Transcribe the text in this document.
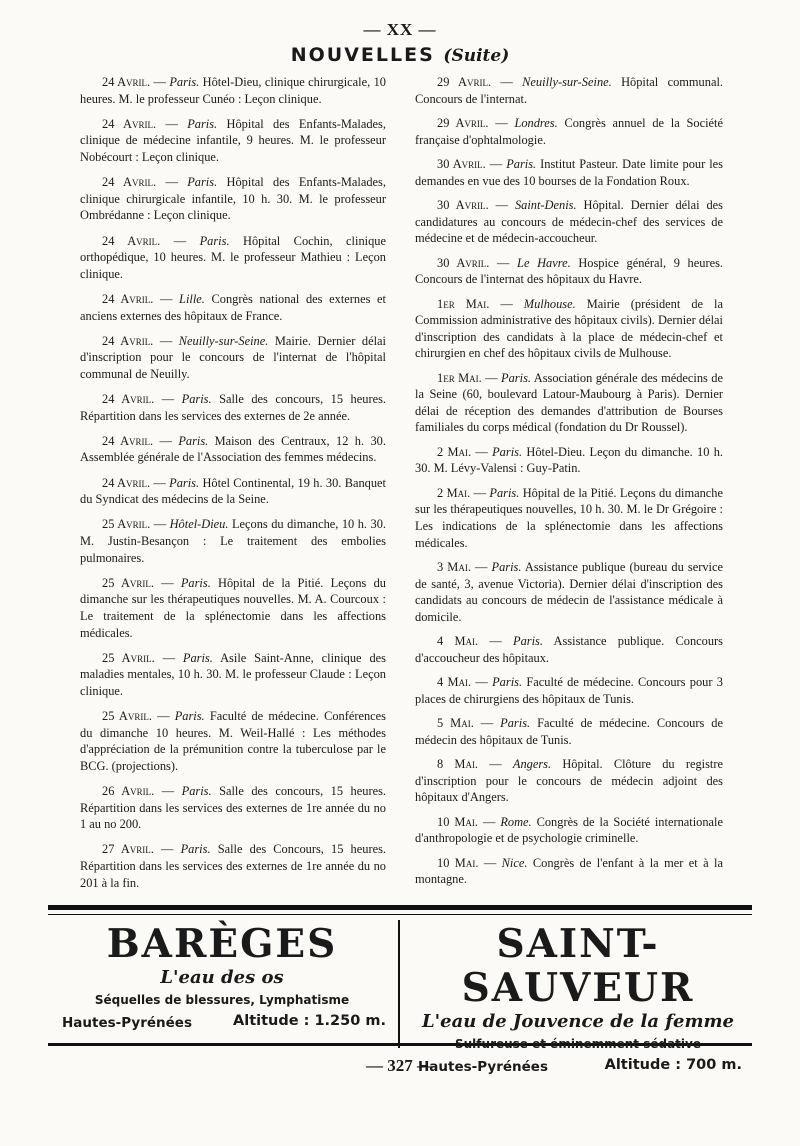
— XX —
NOUVELLES (Suite)

24 Avril. — Paris. Hôtel-Dieu, clinique chirurgicale, 10 heures. M. le professeur Cunéo : Leçon clinique.

24 Avril. — Paris. Hôpital des Enfants-Malades, clinique de médecine infantile, 9 heures. M. le professeur Nobécourt : Leçon clinique.

24 Avril. — Paris. Hôpital des Enfants-Malades, clinique chirurgicale infantile, 10 h. 30. M. le professeur Ombrédanne : Leçon clinique.

24 Avril. — Paris. Hôpital Cochin, clinique orthopédique, 10 heures. M. le professeur Mathieu : Leçon clinique.

24 Avril. — Lille. Congrès national des externes et anciens externes des hôpitaux de France.

24 Avril. — Neuilly-sur-Seine. Mairie. Dernier délai d'inscription pour le concours de l'internat de l'hôpital communal de Neuilly.

24 Avril. — Paris. Salle des concours, 15 heures. Répartition dans les services des externes de 2e année.

24 Avril. — Paris. Maison des Centraux, 12 h. 30. Assemblée générale de l'Association des femmes médecins.

24 Avril. — Paris. Hôtel Continental, 19 h. 30. Banquet du Syndicat des médecins de la Seine.

25 Avril. — Hôtel-Dieu. Leçons du dimanche, 10 h. 30. M. Justin-Besançon : Le traitement des embolies pulmonaires.

25 Avril. — Paris. Hôpital de la Pitié. Leçons du dimanche sur les thérapeutiques nouvelles. M. A. Courcoux : Le traitement de la splénectomie dans les affections médicales.

25 Avril. — Paris. Asile Saint-Anne, clinique des maladies mentales, 10 h. 30. M. le professeur Claude : Leçon clinique.

25 Avril. — Paris. Faculté de médecine. Conférences du dimanche 10 heures. M. Weil-Hallé : Les méthodes d'appréciation de la prémunition contre la tuberculose par le BCG. (projections).

26 Avril. — Paris. Salle des concours, 15 heures. Répartition dans les services des externes de 1re année du no 1 au no 200.

27 Avril. — Paris. Salle des Concours, 15 heures. Répartition dans les services des externes de 1re année du no 201 à la fin.

29 Avril. — Neuilly-sur-Seine. Hôpital communal. Concours de l'internat.

29 Avril. — Londres. Congrès annuel de la Société française d'ophtalmologie.

30 Avril. — Paris. Institut Pasteur. Date limite pour les demandes en vue des 10 bourses de la Fondation Roux.

30 Avril. — Saint-Denis. Hôpital. Dernier délai des candidatures au concours de médecin-chef des services de médecine et de médecin-accoucheur.

30 Avril. — Le Havre. Hospice général, 9 heures. Concours de l'internat des hôpitaux du Havre.

1er Mai. — Mulhouse. Mairie (président de la Commission administrative des hôpitaux civils). Dernier délai d'inscription des candidats à la place de médecin-chef et chirurgien en chef des hôpitaux civils de Mulhouse.

1er Mai. — Paris. Association générale des médecins de la Seine (60, boulevard Latour-Maubourg à Paris). Dernier délai de réception des demandes d'attribution de Bourses familiales du corps médical (fondation du Dr Roussel).

2 Mai. — Paris. Hôtel-Dieu. Leçon du dimanche. 10 h. 30. M. Lévy-Valensi : Guy-Patin.

2 Mai. — Paris. Hôpital de la Pitié. Leçons du dimanche sur les thérapeutiques nouvelles, 10 h. 30. M. le Dr Grégoire : Les indications de la splénectomie dans les affections médicales.

3 Mai. — Paris. Assistance publique (bureau du service de santé, 3, avenue Victoria). Dernier délai d'inscription des candidats au concours de médecin de l'assistance médicale à domicile.

4 Mai. — Paris. Assistance publique. Concours d'accoucheur des hôpitaux.

4 Mai. — Paris. Faculté de médecine. Concours pour 3 places de chirurgiens des hôpitaux de Tunis.

5 Mai. — Paris. Faculté de médecine. Concours de médecin des hôpitaux de Tunis.

8 Mai. — Angers. Hôpital. Clôture du registre d'inscription pour le concours de médecin adjoint des hôpitaux d'Angers.

10 Mai. — Rome. Congrès de la Société internationale d'anthropologie et de psychologie criminelle.

10 Mai. — Nice. Congrès de l'enfant à la mer et à la montagne.

BARÈGES
L'eau des os
Séquelles de blessures, Lymphatisme
Hautes-Pyrénées	Altitude : 1.250 m.
SAINT-SAUVEUR
L'eau de Jouvence de la femme
Sulfureuse et éminemment sédative
Hautes-Pyrénées	Altitude : 700 m.
— 327 —
